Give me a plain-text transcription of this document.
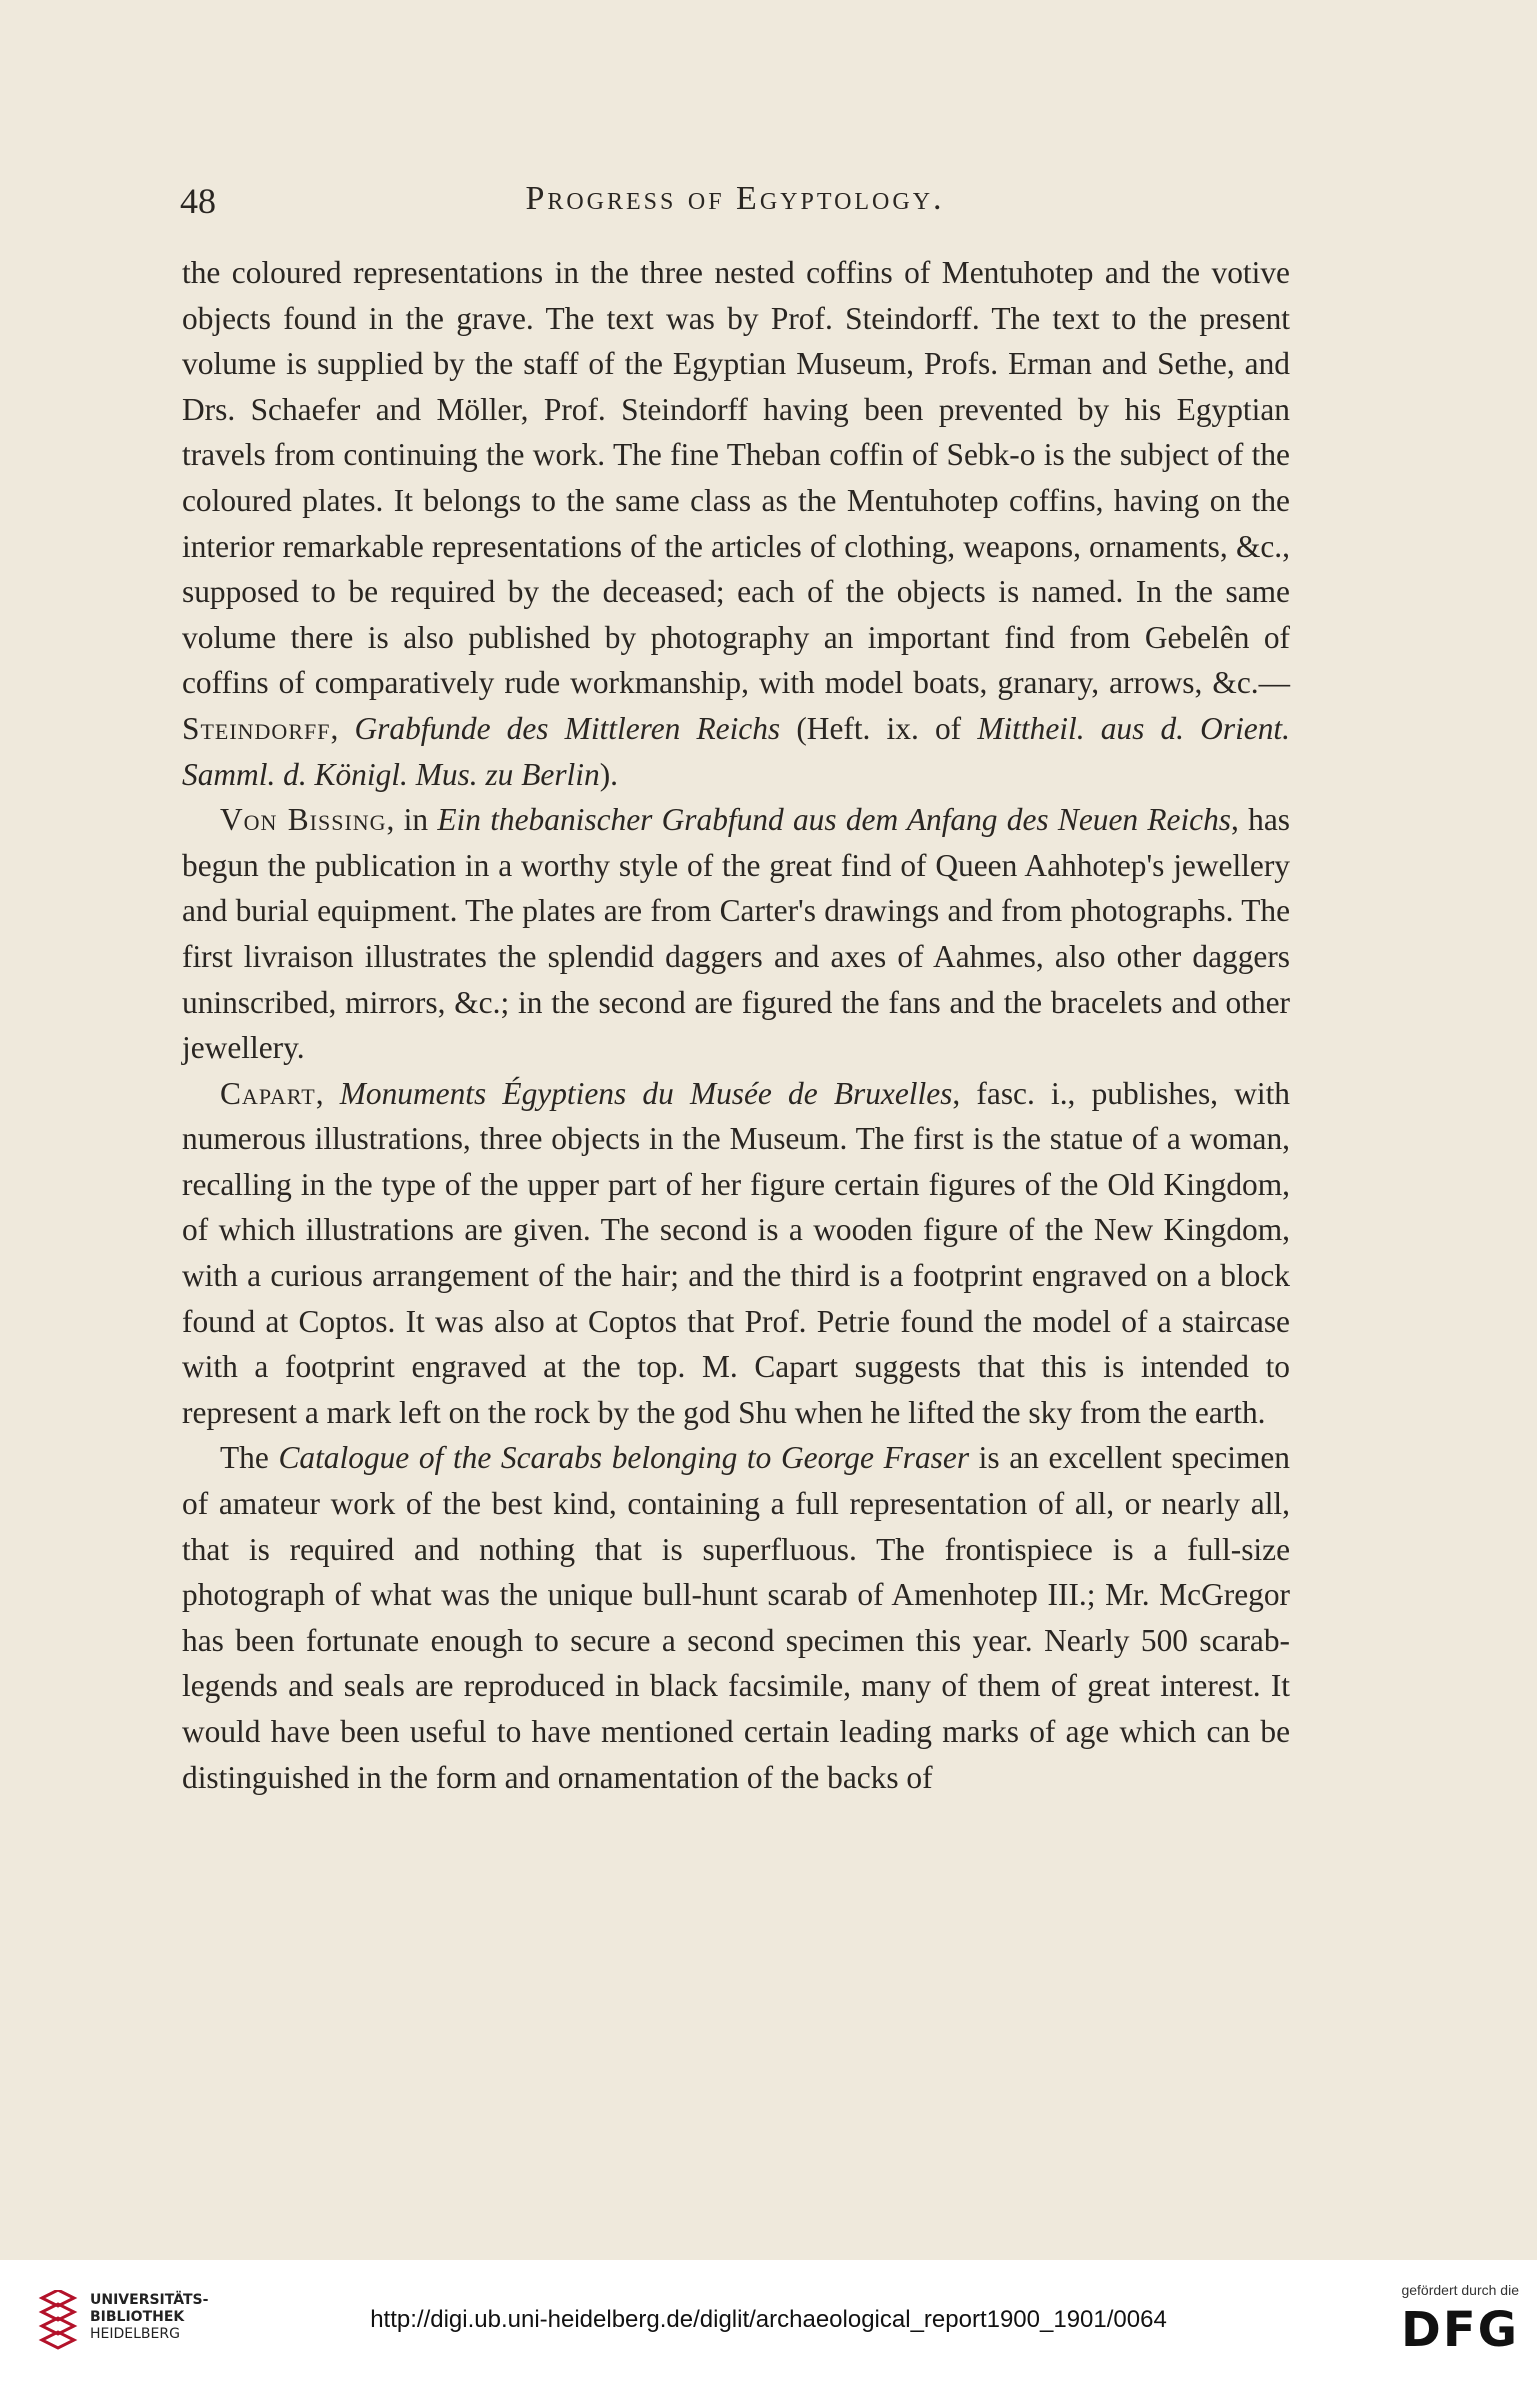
48	Progress of Egyptology.

the coloured representations in the three nested coffins of Mentuhotep and the votive objects found in the grave. The text was by Prof. Steindorff. The text to the present volume is supplied by the staff of the Egyptian Museum, Profs. Erman and Sethe, and Drs. Schaefer and Möller, Prof. Steindorff having been prevented by his Egyptian travels from continuing the work. The fine Theban coffin of Sebk-o is the subject of the coloured plates. It belongs to the same class as the Mentuhotep coffins, having on the interior remarkable representations of the articles of clothing, weapons, ornaments, &c., supposed to be required by the deceased; each of the objects is named. In the same volume there is also published by photography an important find from Gebelên of coffins of comparatively rude workmanship, with model boats, granary, arrows, &c.—Steindorff, Grabfunde des Mittleren Reichs (Heft. ix. of Mittheil. aus d. Orient. Samml. d. Königl. Mus. zu Berlin).

Von Bissing, in Ein thebanischer Grabfund aus dem Anfang des Neuen Reichs, has begun the publication in a worthy style of the great find of Queen Aahhotep's jewellery and burial equipment. The plates are from Carter's drawings and from photographs. The first livraison illustrates the splendid daggers and axes of Aahmes, also other daggers uninscribed, mirrors, &c.; in the second are figured the fans and the bracelets and other jewellery.

Capart, Monuments Égyptiens du Musée de Bruxelles, fasc. i., publishes, with numerous illustrations, three objects in the Museum. The first is the statue of a woman, recalling in the type of the upper part of her figure certain figures of the Old Kingdom, of which illustrations are given. The second is a wooden figure of the New Kingdom, with a curious arrangement of the hair; and the third is a footprint engraved on a block found at Coptos. It was also at Coptos that Prof. Petrie found the model of a staircase with a footprint engraved at the top. M. Capart suggests that this is intended to represent a mark left on the rock by the god Shu when he lifted the sky from the earth.

The Catalogue of the Scarabs belonging to George Fraser is an excellent specimen of amateur work of the best kind, containing a full representation of all, or nearly all, that is required and nothing that is superfluous. The frontispiece is a full-size photograph of what was the unique bull-hunt scarab of Amenhotep III.; Mr. McGregor has been fortunate enough to secure a second specimen this year. Nearly 500 scarab-legends and seals are reproduced in black facsimile, many of them of great interest. It would have been useful to have mentioned certain leading marks of age which can be distinguished in the form and ornamentation of the backs of

UNIVERSITÄTS-
BIBLIOTHEK
HEIDELBERG
http://digi.ub.uni-heidelberg.de/diglit/archaeological_report1900_1901/0064
gefördert durch die
DFG
